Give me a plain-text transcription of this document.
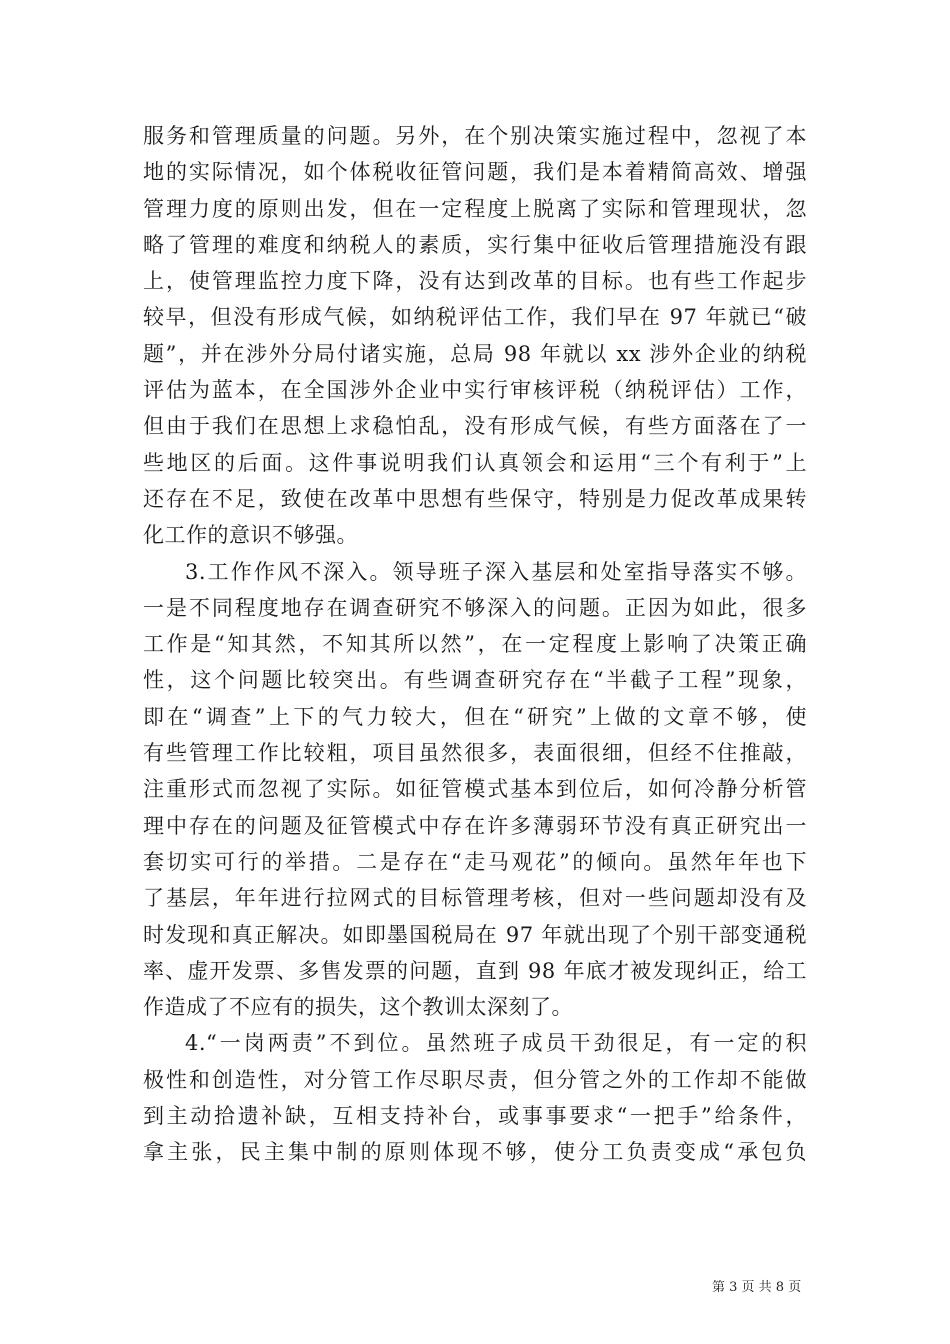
服务和管理质量的问题。另外，在个别决策实施过程中，忽视了本
地的实际情况，如个体税收征管问题，我们是本着精简高效、增强
管理力度的原则出发，但在一定程度上脱离了实际和管理现状，忽
略了管理的难度和纳税人的素质，实行集中征收后管理措施没有跟
上，使管理监控力度下降，没有达到改革的目标。也有些工作起步
较早，但没有形成气候，如纳税评估工作，我们早在 97 年就已“破
题”，并在涉外分局付诸实施，总局 98 年就以 xx 涉外企业的纳税
评估为蓝本，在全国涉外企业中实行审核评税（纳税评估）工作，
但由于我们在思想上求稳怕乱，没有形成气候，有些方面落在了一
些地区的后面。这件事说明我们认真领会和运用“三个有利于”上
还存在不足，致使在改革中思想有些保守，特别是力促改革成果转
化工作的意识不够强。
3.工作作风不深入。领导班子深入基层和处室指导落实不够。
一是不同程度地存在调查研究不够深入的问题。正因为如此，很多
工作是“知其然，不知其所以然”，在一定程度上影响了决策正确
性，这个问题比较突出。有些调查研究存在“半截子工程”现象，
即在“调查”上下的气力较大，但在“研究”上做的文章不够，使
有些管理工作比较粗，项目虽然很多，表面很细，但经不住推敲，
注重形式而忽视了实际。如征管模式基本到位后，如何冷静分析管
理中存在的问题及征管模式中存在许多薄弱环节没有真正研究出一
套切实可行的举措。二是存在“走马观花”的倾向。虽然年年也下
了基层，年年进行拉网式的目标管理考核，但对一些问题却没有及
时发现和真正解决。如即墨国税局在 97 年就出现了个别干部变通税
率、虚开发票、多售发票的问题，直到 98 年底才被发现纠正，给工
作造成了不应有的损失，这个教训太深刻了。
4.“一岗两责”不到位。虽然班子成员干劲很足，有一定的积
极性和创造性，对分管工作尽职尽责，但分管之外的工作却不能做
到主动拾遗补缺，互相支持补台，或事事要求“一把手”给条件，
拿主张，民主集中制的原则体现不够，使分工负责变成“承包负
第 3 页 共 8 页
